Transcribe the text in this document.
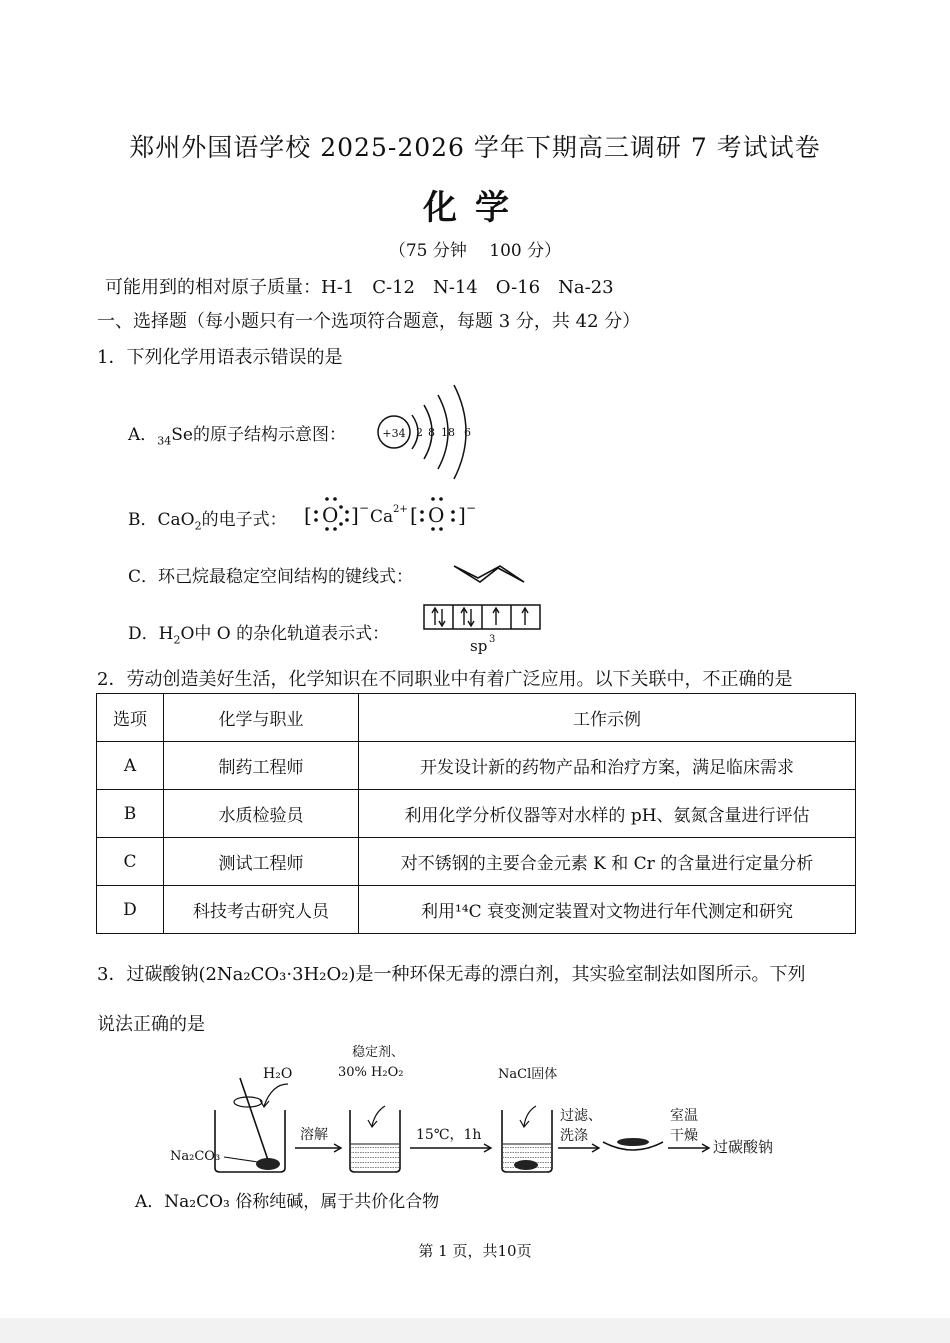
郑州外国语学校 2025-2026 学年下期高三调研 7 考试试卷
化学
（75 分钟　 100 分）
可能用到的相对原子质量：H-1　C-12　N-14　O-16　Na-23
一、选择题（每小题只有一个选项符合题意，每题 3 分，共 42 分）
1．下列化学用语表示错误的是
A．$_{34}$Se的原子结构示意图：	+34 2 8 18 6
B．CaO$_2$的电子式： [ O ] − Ca 2+ [ O ] −
C．环己烷最稳定空间结构的键线式：
D．$H_2O$中 O 的杂化轨道表示式：
sp 3
2．劳动创造美好生活，化学知识在不同职业中有着广泛应用。以下关联中，不正确的是
选项	化学与职业	工作示例
A	制药工程师	开发设计新的药物产品和治疗方案，满足临床需求
B	水质检验员	利用化学分析仪器等对水样的 pH、氨氮含量进行评估
C	测试工程师	对不锈钢的主要合金元素 K 和 Cr 的含量进行定量分析
D	科技考古研究人员	利用¹⁴C 衰变测定装置对文物进行年代测定和研究
3．过碳酸钠(2Na₂CO₃·3H₂O₂)是一种环保无毒的漂白剂，其实验室制法如图所示。下列
说法正确的是
H₂O
Na₂CO₃
溶解
稳定剂、
30% H₂O₂
15℃，1h
NaCl固体
过滤、
洗涤
室温
干燥
过碳酸钠
A．Na₂CO₃ 俗称纯碱，属于共价化合物
第 1 页，共10页
